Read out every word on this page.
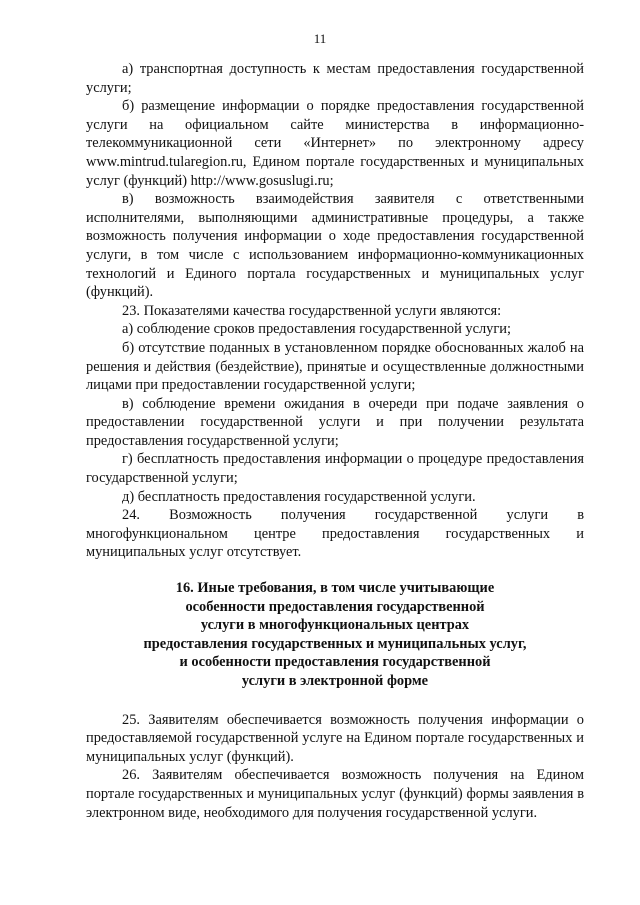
11

а) транспортная доступность к местам предоставления государственной услуги;

б) размещение информации о порядке предоставления государственной услуги на официальном сайте министерства в информационно-телекоммуникационной сети «Интернет» по электронному адресу www.mintrud.tularegion.ru, Едином портале государственных и муниципальных услуг (функций) http://www.gosuslugi.ru;

в) возможность взаимодействия заявителя с ответственными исполнителями, выполняющими административные процедуры, а также возможность получения информации о ходе предоставления государственной услуги, в том числе с использованием информационно-коммуникационных технологий и Единого портала государственных и муниципальных услуг (функций).

23. Показателями качества государственной услуги являются:

а) соблюдение сроков предоставления государственной услуги;

б) отсутствие поданных в установленном порядке обоснованных жалоб на решения и действия (бездействие), принятые и осуществленные должностными лицами при предоставлении государственной услуги;

в) соблюдение времени ожидания в очереди при подаче заявления о предоставлении государственной услуги и при получении результата предоставления государственной услуги;

г) бесплатность предоставления информации о процедуре предоставления государственной услуги;

д) бесплатность предоставления государственной услуги.

24. Возможность получения государственной услуги в многофункциональном центре предоставления государственных и муниципальных услуг отсутствует.

16. Иные требования, в том числе учитывающие
особенности предоставления государственной
услуги в многофункциональных центрах
предоставления государственных и муниципальных услуг,
и особенности предоставления государственной
услуги в электронной форме

25. Заявителям обеспечивается возможность получения информации о предоставляемой государственной услуге на Едином портале государственных и муниципальных услуг (функций).

26. Заявителям обеспечивается возможность получения на Едином портале государственных и муниципальных услуг (функций) формы заявления в электронном виде, необходимого для получения государственной услуги.
